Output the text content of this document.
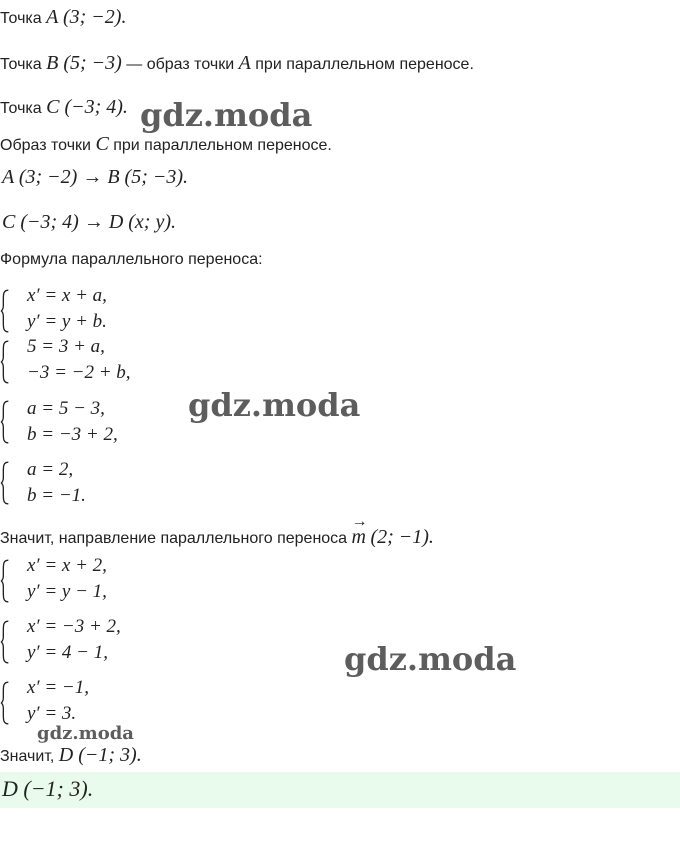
Точка A (3; −2).
Точка B (5; −3) — образ точки A при параллельном переносе.
Точка C (−3; 4).
Образ точки C при параллельном переносе.
A (3; −2) → B (5; −3).
C (−3; 4) → D (x; y).
Формула параллельного переноса:
x′ = x + a,
y′ = y + b.
5 = 3 + a,
−3 = −2 + b,
a = 5 − 3,
b = −3 + 2,
a = 2,
b = −1.
Значит, направление параллельного переноса → m (2; −1).
x′ = x + 2,
y′ = y − 1,
x′ = −3 + 2,
y′ = 4 − 1,
x′ = −1,
y′ = 3.
Значит, D (−1; 3).
D (−1; 3).
gdz.moda
gdz.moda
gdz.moda
gdz.moda
